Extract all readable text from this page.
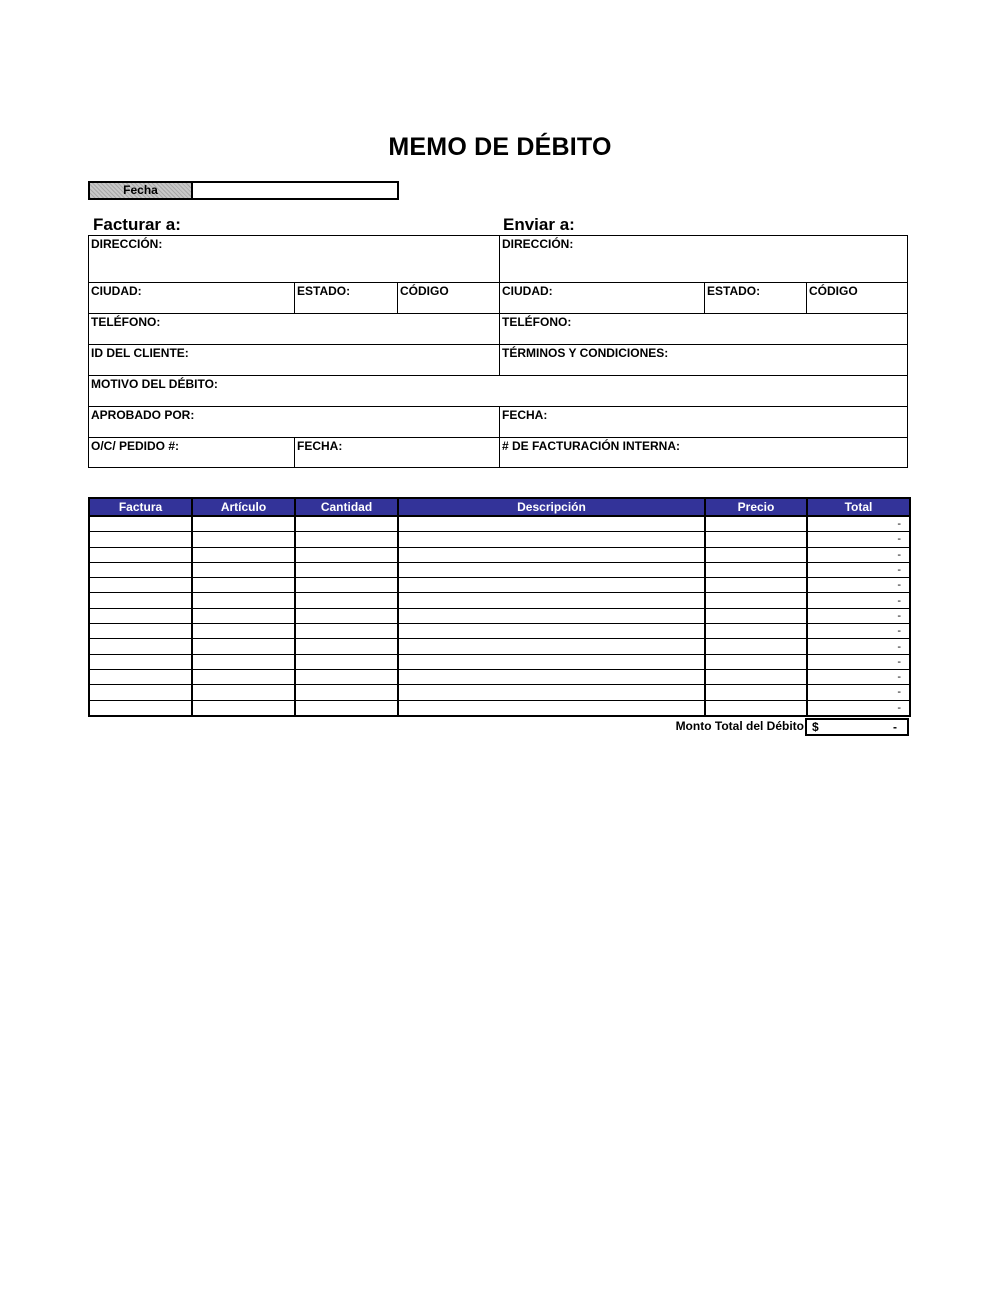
MEMO DE DÉBITO
Fecha
Facturar a:	Enviar a:
DIRECCIÓN:	DIRECCIÓN:
CIUDAD:	ESTADO:	CÓDIGO	CIUDAD:	ESTADO:	CÓDIGO
TELÉFONO:	TELÉFONO:
ID DEL CLIENTE:	TÉRMINOS Y CONDICIONES:
MOTIVO DEL DÉBITO:
APROBADO POR:	FECHA:
O/C/ PEDIDO #:	FECHA:	# DE FACTURACIÓN INTERNA:
Factura	Artículo	Cantidad	Descripción	Precio	Total
					-
					-
					-
					-
					-
					-
					-
					-
					-
					-
					-
					-
					-
Monto Total del Débito $	-
